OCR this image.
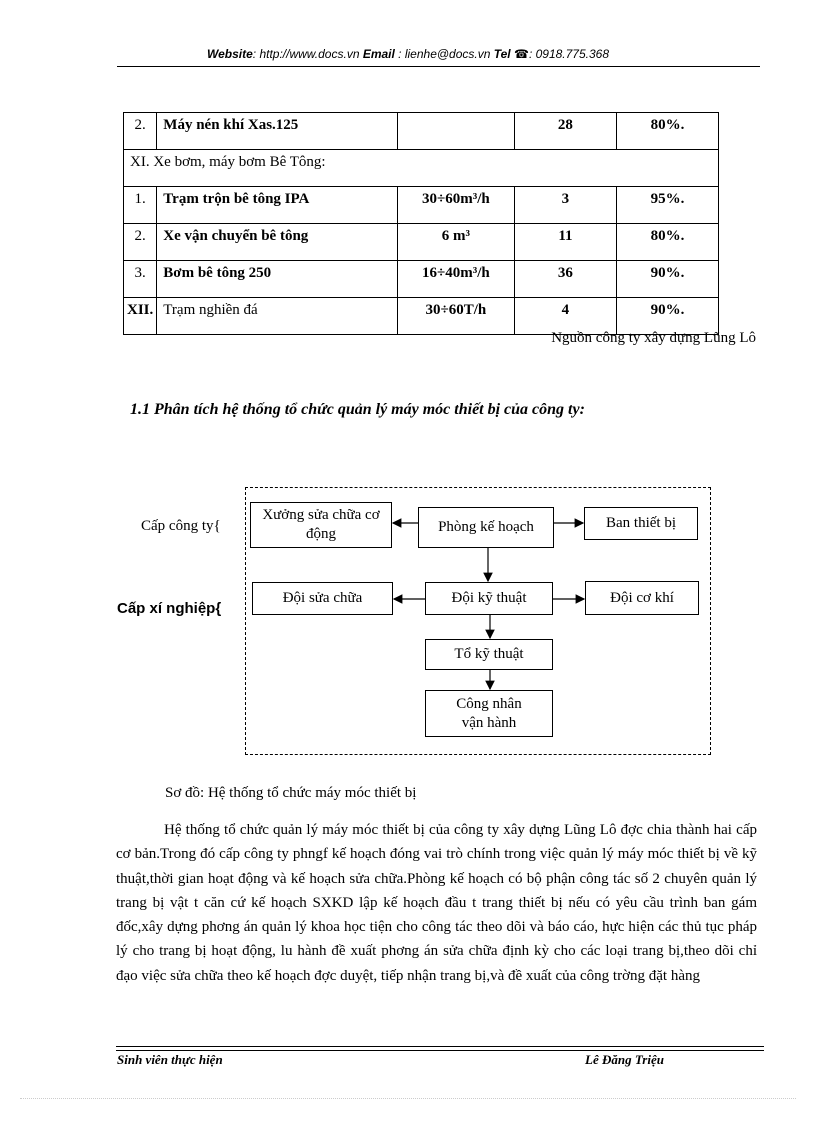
Website: http://www.docs.vn Email : lienhe@docs.vn Tel ☎: 0918.775.368
2.	Máy nén khí Xas.125		28	80%.
XI. Xe bơm, máy bơm Bê Tông:				
1.	Trạm trộn bê tông IPA	30÷60m³/h	3	95%.
2.	Xe vận chuyển bê tông	6 m³	11	80%.
3.	Bơm bê tông 250	16÷40m³/h	36	90%.
XII.	Trạm nghiền đá	30÷60T/h	4	90%.
Nguồn công ty xây dựng Lũng Lô
1.1 Phân tích hệ thống tổ chức quản lý máy móc thiết bị của công ty:
Cấp công ty{
Cấp xí nghiệp{
Xưởng sửa chữa cơ động	Phòng kế hoạch	Ban thiết bị
Đội sửa chữa	Đội kỹ thuật	Đội cơ khí
Tổ kỹ thuật
Công nhân vận hành
Sơ đồ: Hệ thống tổ chức máy móc thiết bị
Hệ thống tổ chức quản lý máy móc thiết bị của công ty xây dựng Lũng Lô đợc chia thành hai cấp cơ bản.Trong đó cấp công ty phngf kế hoạch đóng vai trò chính trong việc quản lý máy móc thiết bị về kỹ thuật,thời gian hoạt động và kế hoạch sửa chữa.Phòng kế hoạch có bộ phận công tác số 2 chuyên quản lý trang bị vật t căn cứ kế hoạch SXKD lập kế hoạch đầu t trang thiết bị nếu có yêu cầu trình ban gám đốc,xây dựng phơng án quản lý khoa học tiện cho công tác theo dõi và báo cáo, hực hiện các thủ tục pháp lý cho trang bị hoạt động, lu hành đề xuất phơng án sửa chữa định kỳ cho các loại trang bị,theo dõi chỉ đạo việc sửa chữa theo kế hoạch đợc duyệt, tiếp nhận trang bị,và đề xuất của công trờng đặt hàng
Sinh viên thực hiện	Lê Đăng Triệu
